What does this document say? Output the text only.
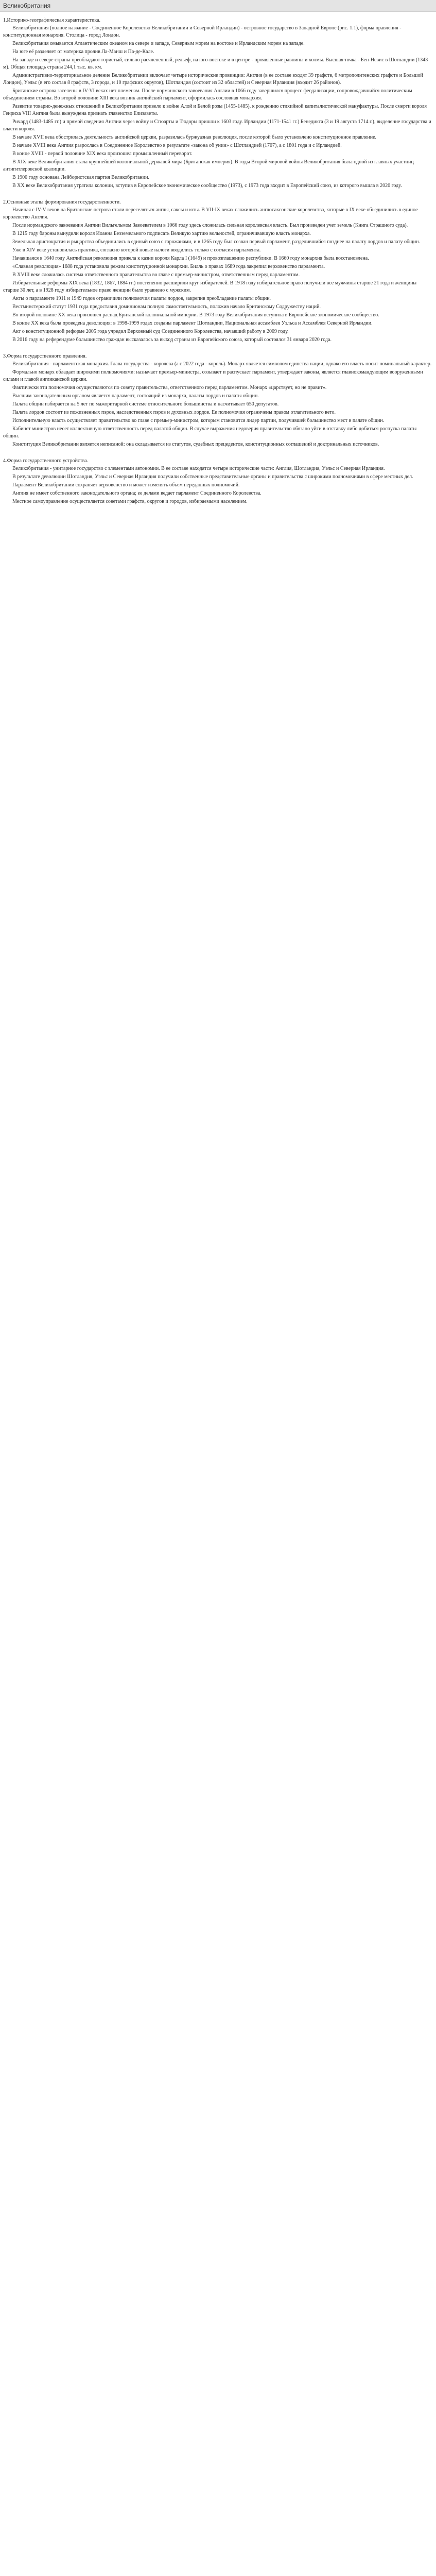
Великобритания
1.Историко-географическая характеристика.

Великобритания (полное название - Соединенное Королевство Великобритании и Северной Ирландии) - островное государство в Западной Европе (рис. 1.1), форма правления - конституционная монархия. Столица - город Лондон.

Великобритания омывается Атлантическим океаном на севере и западе, Северным морем на востоке и Ирландским морем на западе.

На юге её разделяет от материка пролив Ла-Манш и Па-де-Кале.

На западе и севере страны преобладают гористый, сильно расчлененный, рельеф, на юго-востоке и в центре - проявленные равнины и холмы. Высшая точка - Бен-Невис в Шотландии (1343 м). Общая площадь страны 244,1 тыс. кв. км.

Административно-территориальное деление Великобритании включает четыре исторические провинции: Англия (в ее составе входят 39 графств, 6 метрополитенских графств и Большой Лондон), Уэльс (в его состав 8 графств, 3 города, и 10 графских округов), Шотландия (состоит из 32 областей) и Северная Ирландия (входит 26 районов).

Британские острова заселены в IV-VI веках нет племенам. После норманнского завоевания Англии в 1066 году завершился процесс феодализации, сопровождавшийся политическим объединением страны. Во второй половине XIII века возник английский парламент, оформилась сословная монархия.

Развитие товарно-денежных отношений в Великобритании привело к войне Алой и Белой розы (1455-1485), к рождению стихийной капиталистической мануфактуры. После смерти короля Генриха VIII Англия была вынуждена признать главенство Елизаветы.

Ричард (1483-1485 гг.) и прямой сведения Англии через войну и Стюарты и Тюдоры пришли к 1603 году. Ирландии (1171-1541 гг.) Бенедикта (3 и 19 августа 1714 г.), выделение государства и власти короля.

В начале XVII века обострилась деятельность английской церкви, разразилась буржуазная революция, после которой было установлено конституционное правление.

В начале XVIII века Англия разрослась в Соединенное Королевство в результате «закона об унии» с Шотландией (1707), а с 1801 года и с Ирландией.

В конце XVIII - первой половине XIX века произошел промышленный переворот.

В XIX веке Великобритания стала крупнейшей колониальной державой мира (Британская империя). В годы Второй мировой войны Великобритания была одной из главных участниц антигитлеровской коалиции.

В 1900 году основана Лейбористская партия Великобритании.

В XX веке Великобритания утратила колонии, вступив в Европейское экономическое сообщество (1973), с 1973 года входит в Европейский союз, из которого вышла в 2020 году.

2.Основные этапы формирования государственности.

Начиная с IV-V веков на Британские острова стали переселяться англы, саксы и юты. В VII-IX веках сложились англосаксонские королевства, которые в IX веке объединились в единое королевство Англия.

После нормандского завоевания Англии Вильгельмом Завоевателем в 1066 году здесь сложилась сильная королевская власть. Был произведен учет земель (Книга Страшного суда).

В 1215 году бароны вынудили короля Иоанна Безземельного подписать Великую хартию вольностей, ограничивавшую власть монарха.

Земельная аристократия и рыцарство объединились в единый союз с горожанами, и в 1265 году был созван первый парламент, разделившийся позднее на палату лордов и палату общин.

Уже в XIV веке установилась практика, согласно которой новые налоги вводились только с согласия парламента.

Начавшаяся в 1640 году Английская революция привела к казни короля Карла I (1649) и провозглашению республики. В 1660 году монархия была восстановлена.

«Славная революция» 1688 года установила режим конституционной монархии. Билль о правах 1689 года закрепил верховенство парламента.

В XVIII веке сложилась система ответственного правительства во главе с премьер-министром, ответственным перед парламентом.

Избирательные реформы XIX века (1832, 1867, 1884 гг.) постепенно расширили круг избирателей. В 1918 году избирательное право получили все мужчины старше 21 года и женщины старше 30 лет, а в 1928 году избирательное право женщин было уравнено с мужским.

Акты о парламенте 1911 и 1949 годов ограничили полномочия палаты лордов, закрепив преобладание палаты общин.

Вестминстерский статут 1931 года предоставил доминионам полную самостоятельность, положив начало Британскому Содружеству наций.

Во второй половине XX века произошел распад Британской колониальной империи. В 1973 году Великобритания вступила в Европейское экономическое сообщество.

В конце XX века была проведена деволюция: в 1998-1999 годах созданы парламент Шотландии, Национальная ассамблея Уэльса и Ассамблея Северной Ирландии.

Акт о конституционной реформе 2005 года учредил Верховный суд Соединенного Королевства, начавший работу в 2009 году.

В 2016 году на референдуме большинство граждан высказалось за выход страны из Европейского союза, который состоялся 31 января 2020 года.

3.Форма государственного правления.

Великобритания - парламентская монархия. Глава государства - королева (а с 2022 года - король). Монарх является символом единства нации, однако его власть носит номинальный характер.

Формально монарх обладает широкими полномочиями: назначает премьер-министра, созывает и распускает парламент, утверждает законы, является главнокомандующим вооруженными силами и главой англиканской церкви.

Фактически эти полномочия осуществляются по совету правительства, ответственного перед парламентом. Монарх «царствует, но не правит».

Высшим законодательным органом является парламент, состоящий из монарха, палаты лордов и палаты общин.

Палата общин избирается на 5 лет по мажоритарной системе относительного большинства и насчитывает 650 депутатов.

Палата лордов состоит из пожизненных пэров, наследственных пэров и духовных лордов. Ее полномочия ограничены правом отлагательного вето.

Исполнительную власть осуществляет правительство во главе с премьер-министром, которым становится лидер партии, получившей большинство мест в палате общин.

Кабинет министров несет коллективную ответственность перед палатой общин. В случае выражения недоверия правительство обязано уйти в отставку либо добиться роспуска палаты общин.

Конституция Великобритании является неписаной: она складывается из статутов, судебных прецедентов, конституционных соглашений и доктринальных источников.

4.Форма государственного устройства.

Великобритания - унитарное государство с элементами автономии. В ее составе находятся четыре исторические части: Англия, Шотландия, Уэльс и Северная Ирландия.

В результате деволюции Шотландия, Уэльс и Северная Ирландия получили собственные представительные органы и правительства с широкими полномочиями в сфере местных дел.

Парламент Великобритании сохраняет верховенство и может изменять объем переданных полномочий.

Англия не имеет собственного законодательного органа; ее делами ведает парламент Соединенного Королевства.

Местное самоуправление осуществляется советами графств, округов и городов, избираемыми населением.
